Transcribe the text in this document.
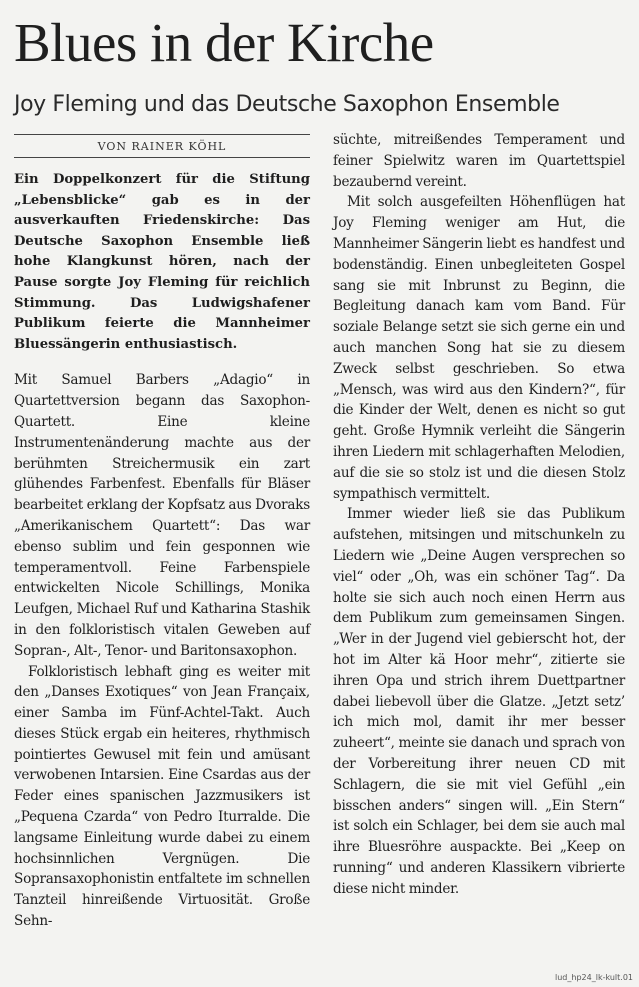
Blues in der Kirche
Joy Fleming und das Deutsche Saxophon Ensemble
VON RAINER KÖHL

Ein Doppelkonzert für die Stiftung „Lebensblicke“ gab es in der ausverkauften Friedenskirche: Das Deutsche Saxophon Ensemble ließ hohe Klangkunst hören, nach der Pause sorgte Joy Fleming für reichlich Stimmung. Das Ludwigshafener Publikum feierte die Mannheimer Bluessängerin enthusiastisch.

Mit Samuel Barbers „Adagio“ in Quartettversion begann das Saxophon-Quartett. Eine kleine Instrumentenänderung machte aus der berühmten Streichermusik ein zart glühendes Farbenfest. Ebenfalls für Bläser bearbeitet erklang der Kopfsatz aus Dvoraks „Amerikanischem Quartett“: Das war ebenso sublim und fein gesponnen wie temperamentvoll. Feine Farbenspiele entwickelten Nicole Schillings, Monika Leufgen, Michael Ruf und Katharina Stashik in den folkloristisch vitalen Geweben auf Sopran-, Alt-, Tenor- und Baritonsaxophon.

Folkloristisch lebhaft ging es weiter mit den „Danses Exotiques“ von Jean Françaix, einer Samba im Fünf-Achtel-Takt. Auch dieses Stück ergab ein heiteres, rhythmisch pointiertes Gewusel mit fein und amüsant verwobenen Intarsien. Eine Csardas aus der Feder eines spanischen Jazzmusikers ist „Pequena Czarda“ von Pedro Iturralde. Die langsame Einleitung wurde dabei zu einem hochsinnlichen Vergnügen. Die Sopransaxophonistin entfaltete im schnellen Tanzteil hinreißende Virtuosität. Große Sehn-

süchte, mitreißendes Temperament und feiner Spielwitz waren im Quartettspiel bezaubernd vereint.

Mit solch ausgefeilten Höhenflügen hat Joy Fleming weniger am Hut, die Mannheimer Sängerin liebt es handfest und bodenständig. Einen unbegleiteten Gospel sang sie mit Inbrunst zu Beginn, die Begleitung danach kam vom Band. Für soziale Belange setzt sie sich gerne ein und auch manchen Song hat sie zu diesem Zweck selbst geschrieben. So etwa „Mensch, was wird aus den Kindern?“, für die Kinder der Welt, denen es nicht so gut geht. Große Hymnik verleiht die Sängerin ihren Liedern mit schlagerhaften Melodien, auf die sie so stolz ist und die diesen Stolz sympathisch vermittelt.

Immer wieder ließ sie das Publikum aufstehen, mitsingen und mitschunkeln zu Liedern wie „Deine Augen versprechen so viel“ oder „Oh, was ein schöner Tag“. Da holte sie sich auch noch einen Herrn aus dem Publikum zum gemeinsamen Singen. „Wer in der Jugend viel gebierscht hot, der hot im Alter kä Hoor mehr“, zitierte sie ihren Opa und strich ihrem Duettpartner dabei liebevoll über die Glatze. „Jetzt setz’ ich mich mol, damit ihr mer besser zuheert“, meinte sie danach und sprach von der Vorbereitung ihrer neuen CD mit Schlagern, die sie mit viel Gefühl „ein bisschen anders“ singen will. „Ein Stern“ ist solch ein Schlager, bei dem sie auch mal ihre Bluesröhre auspackte. Bei „Keep on running“ und anderen Klassikern vibrierte diese nicht minder.

lud_hp24_lk-kult.01
